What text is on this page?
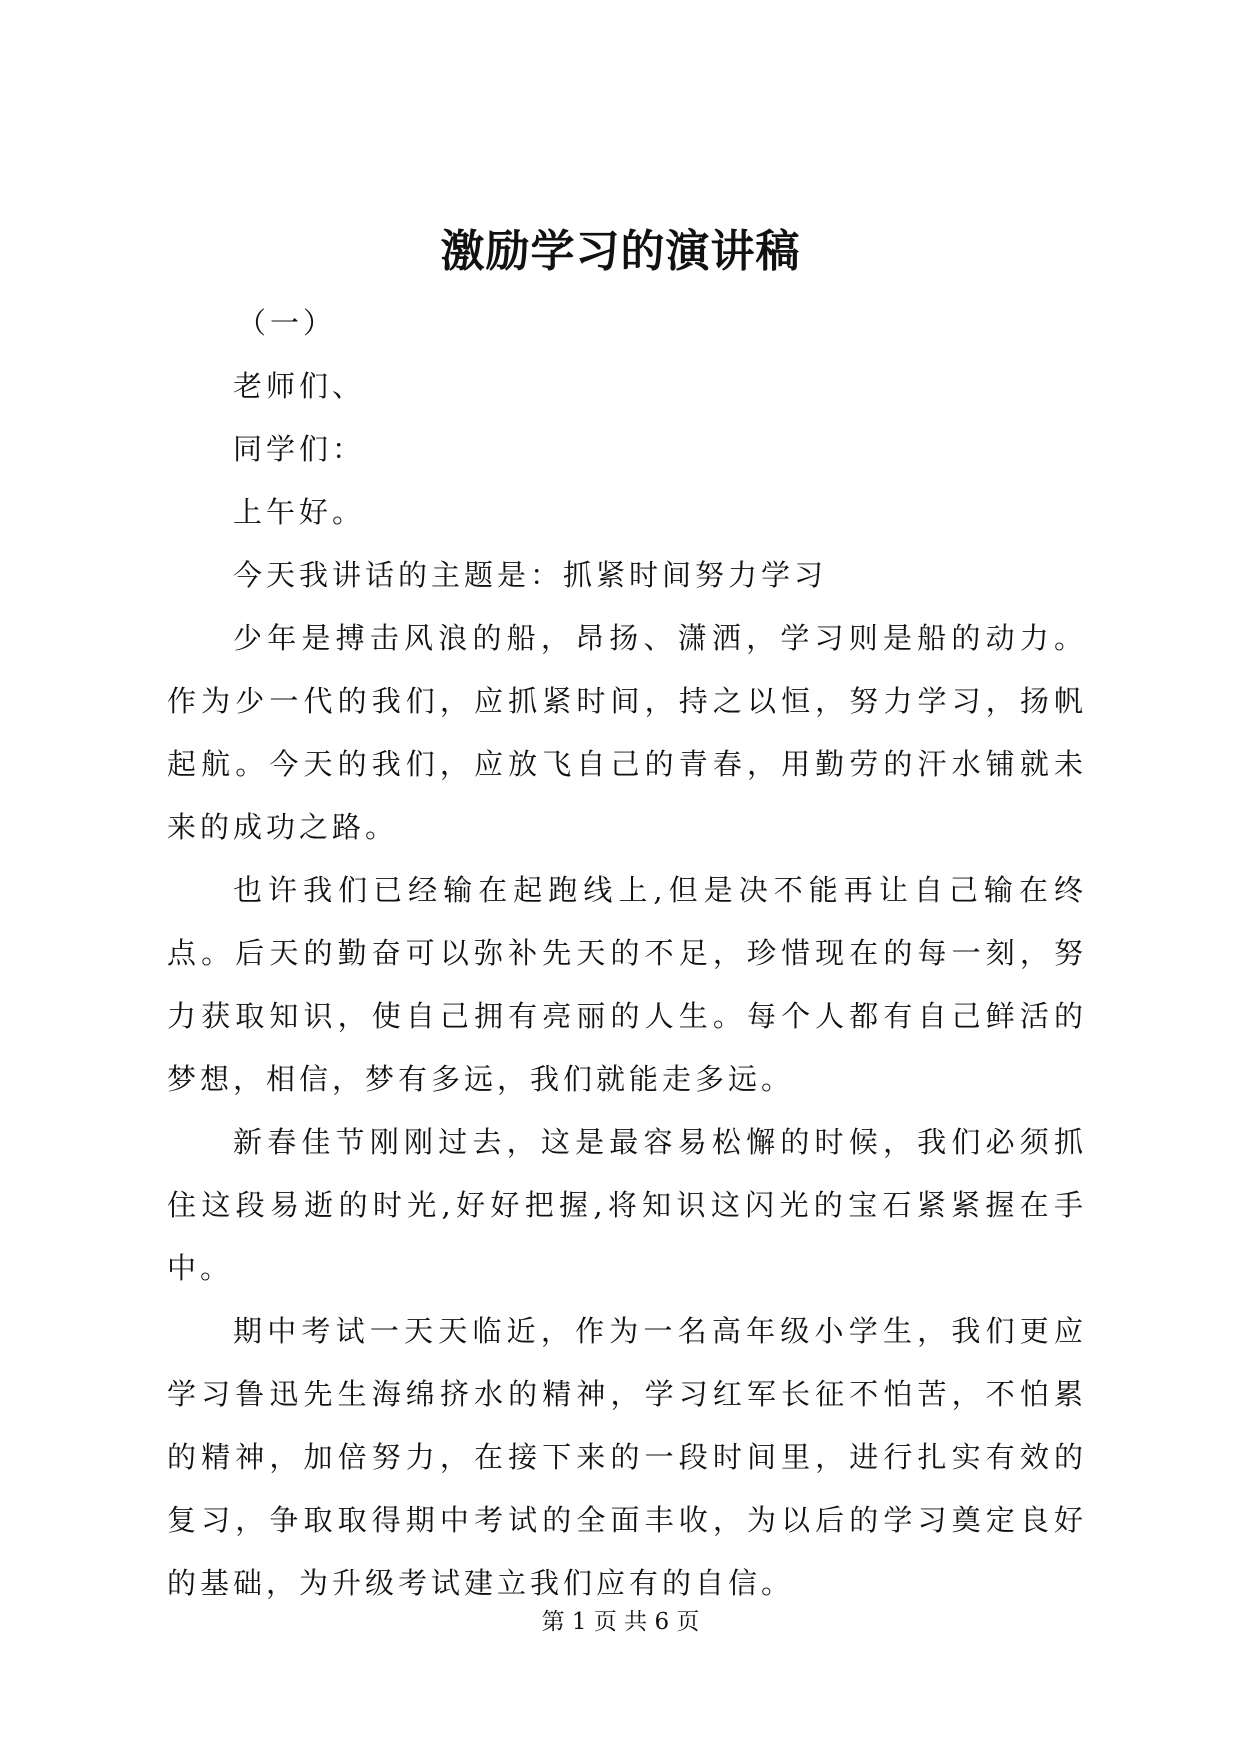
激励学习的演讲稿

（一）

老师们、

同学们：

上午好。

今天我讲话的主题是：抓紧时间努力学习

少年是搏击风浪的船，昂扬、潇洒，学习则是船的动力。作为少一代的我们，应抓紧时间，持之以恒，努力学习，扬帆起航。今天的我们，应放飞自己的青春，用勤劳的汗水铺就未来的成功之路。

也许我们已经输在起跑线上,但是决不能再让自己输在终点。后天的勤奋可以弥补先天的不足，珍惜现在的每一刻，努力获取知识，使自己拥有亮丽的人生。每个人都有自己鲜活的梦想，相信，梦有多远，我们就能走多远。

新春佳节刚刚过去，这是最容易松懈的时候，我们必须抓住这段易逝的时光,好好把握,将知识这闪光的宝石紧紧握在手中。

期中考试一天天临近，作为一名高年级小学生，我们更应学习鲁迅先生海绵挤水的精神，学习红军长征不怕苦，不怕累的精神，加倍努力，在接下来的一段时间里，进行扎实有效的复习，争取取得期中考试的全面丰收，为以后的学习奠定良好的基础，为升级考试建立我们应有的自信。

第 1 页 共 6 页
